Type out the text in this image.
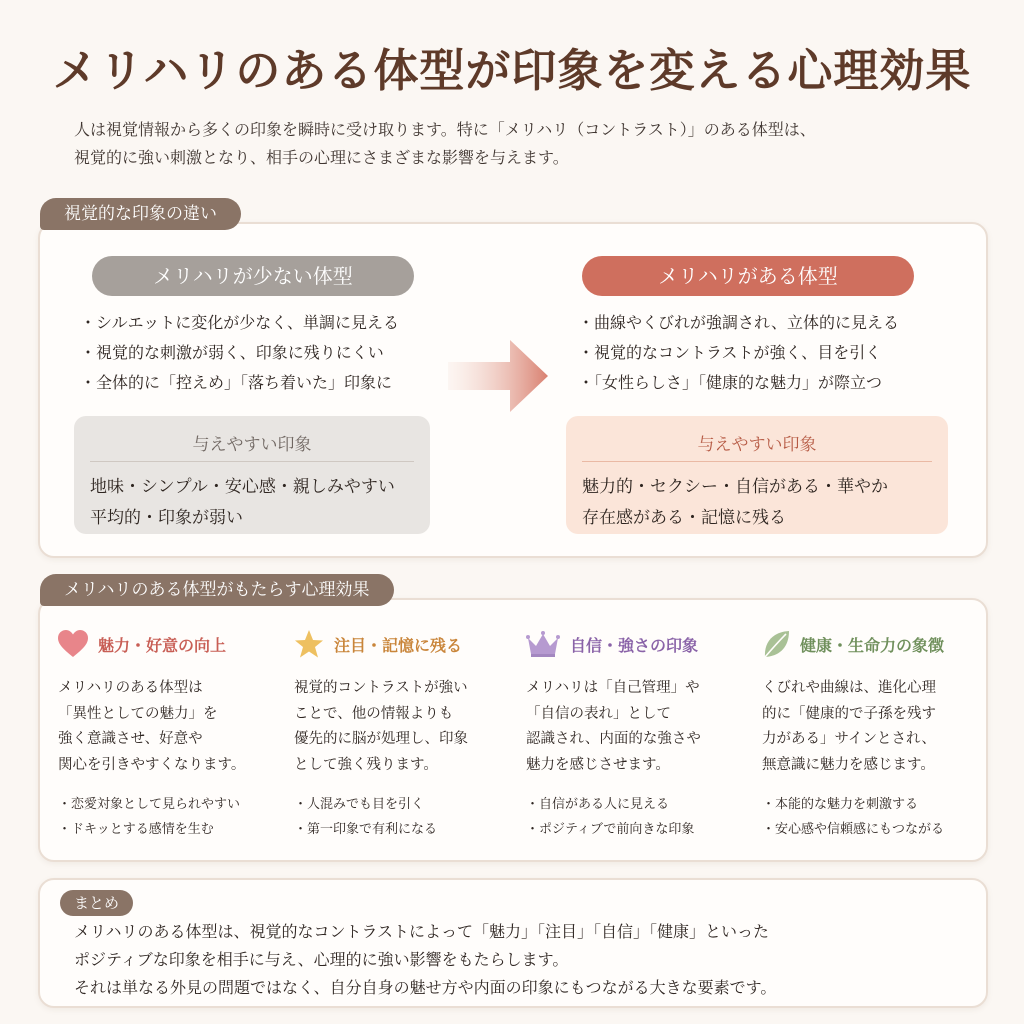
メリハリのある体型が印象を変える心理効果

人は視覚情報から多くの印象を瞬時に受け取ります。特に「メリハリ（コントラスト）」のある体型は、

視覚的に強い刺激となり、相手の心理にさまざまな影響を与えます。

視覚的な印象の違い
メリハリが少ない体型
・ シルエットに変化が少なく、単調に見える
・ 視覚的な刺激が弱く、印象に残りにくい
・ 全体的に「控えめ」「落ち着いた」印象に
メリハリがある体型
・ 曲線やくびれが強調され、立体的に見える
・ 視覚的なコントラストが強く、目を引く
・ 「女性らしさ」「健康的な魅力」が際立つ
与えやすい印象
地味・シンプル・安心感・親しみやすい
平均的・印象が弱い
与えやすい印象
魅力的・セクシー・自信がある・華やか
存在感がある・記憶に残る
メリハリのある体型がもたらす心理効果
魅力・好意の向上
メリハリのある体型は
「異性としての魅力」を
強く意識させ、好意や
関心を引きやすくなります。
・恋愛対象として見られやすい
・ドキッとする感情を生む
注目・記憶に残る
視覚的コントラストが強い
ことで、他の情報よりも
優先的に脳が処理し、印象
として強く残ります。
・人混みでも目を引く
・第一印象で有利になる
自信・強さの印象
メリハリは「自己管理」や
「自信の表れ」として
認識され、内面的な強さや
魅力を感じさせます。
・自信がある人に見える
・ポジティブで前向きな印象
健康・生命力の象徴
くびれや曲線は、進化心理
的に「健康的で子孫を残す
力がある」サインとされ、
無意識に魅力を感じます。
・本能的な魅力を刺激する
・安心感や信頼感にもつながる
まとめ

メリハリのある体型は、視覚的なコントラストによって「魅力」「注目」「自信」「健康」といった

ポジティブな印象を相手に与え、心理的に強い影響をもたらします。

それは単なる外見の問題ではなく、自分自身の魅せ方や内面の印象にもつながる大きな要素です。
